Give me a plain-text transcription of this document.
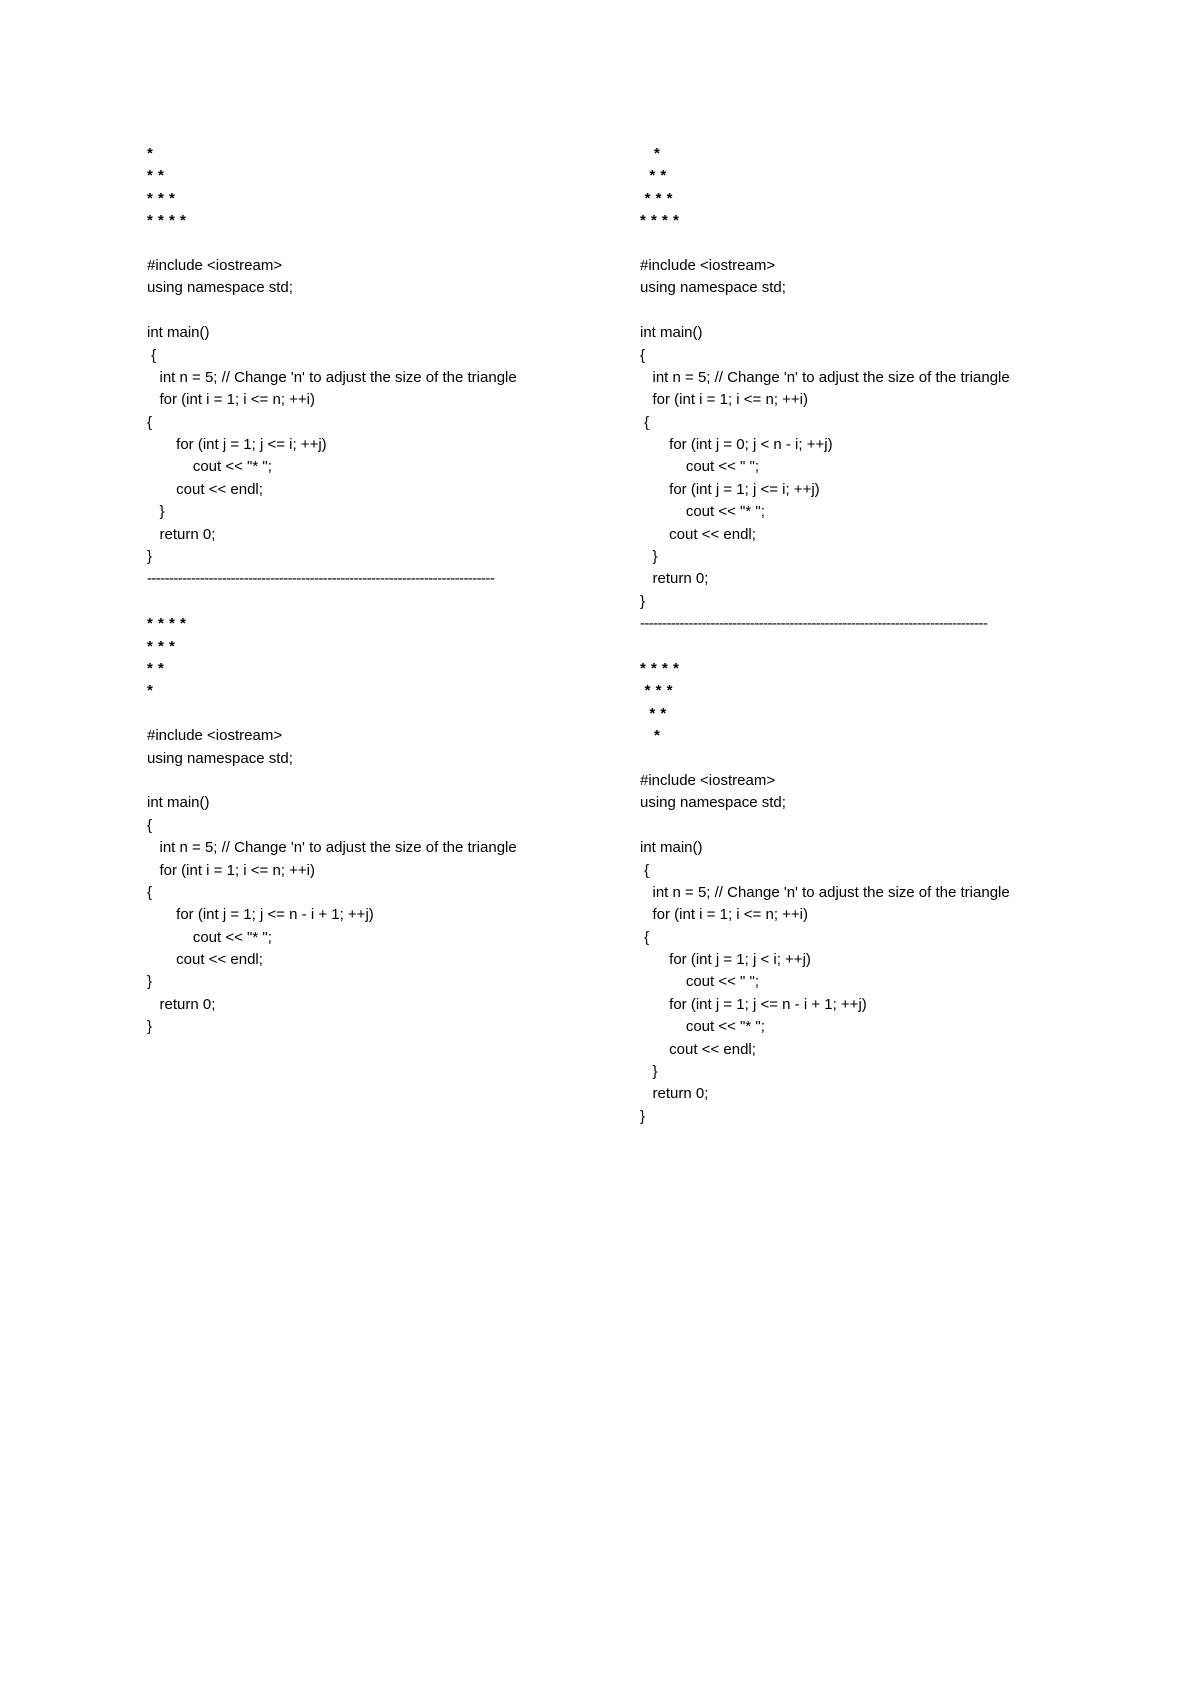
*
* *
* * *
* * * *
#include <iostream>
using namespace std;
int main()
{
int n = 5; // Change 'n' to adjust the size of the triangle
for (int i = 1; i <= n; ++i)
{
for (int j = 1; j <= i; ++j)
cout << "* ";
cout << endl;
}
return 0;
}
-------------------------------------------------------------------------------
* * * *
* * *
* *
*
#include <iostream>
using namespace std;
int main()
{
int n = 5; // Change 'n' to adjust the size of the triangle
for (int i = 1; i <= n; ++i)
{
for (int j = 1; j <= n - i + 1; ++j)
cout << "* ";
cout << endl;
}
return 0;
}
*
* *
* * *
* * * *
#include <iostream>
using namespace std;
int main()
{
int n = 5; // Change 'n' to adjust the size of the triangle
for (int i = 1; i <= n; ++i)
{
for (int j = 0; j < n - i; ++j)
cout << " ";
for (int j = 1; j <= i; ++j)
cout << "* ";
cout << endl;
}
return 0;
}
-------------------------------------------------------------------------------
* * * *
* * *
* *
*
#include <iostream>
using namespace std;
int main()
{
int n = 5; // Change 'n' to adjust the size of the triangle
for (int i = 1; i <= n; ++i)
{
for (int j = 1; j < i; ++j)
cout << " ";
for (int j = 1; j <= n - i + 1; ++j)
cout << "* ";
cout << endl;
}
return 0;
}
